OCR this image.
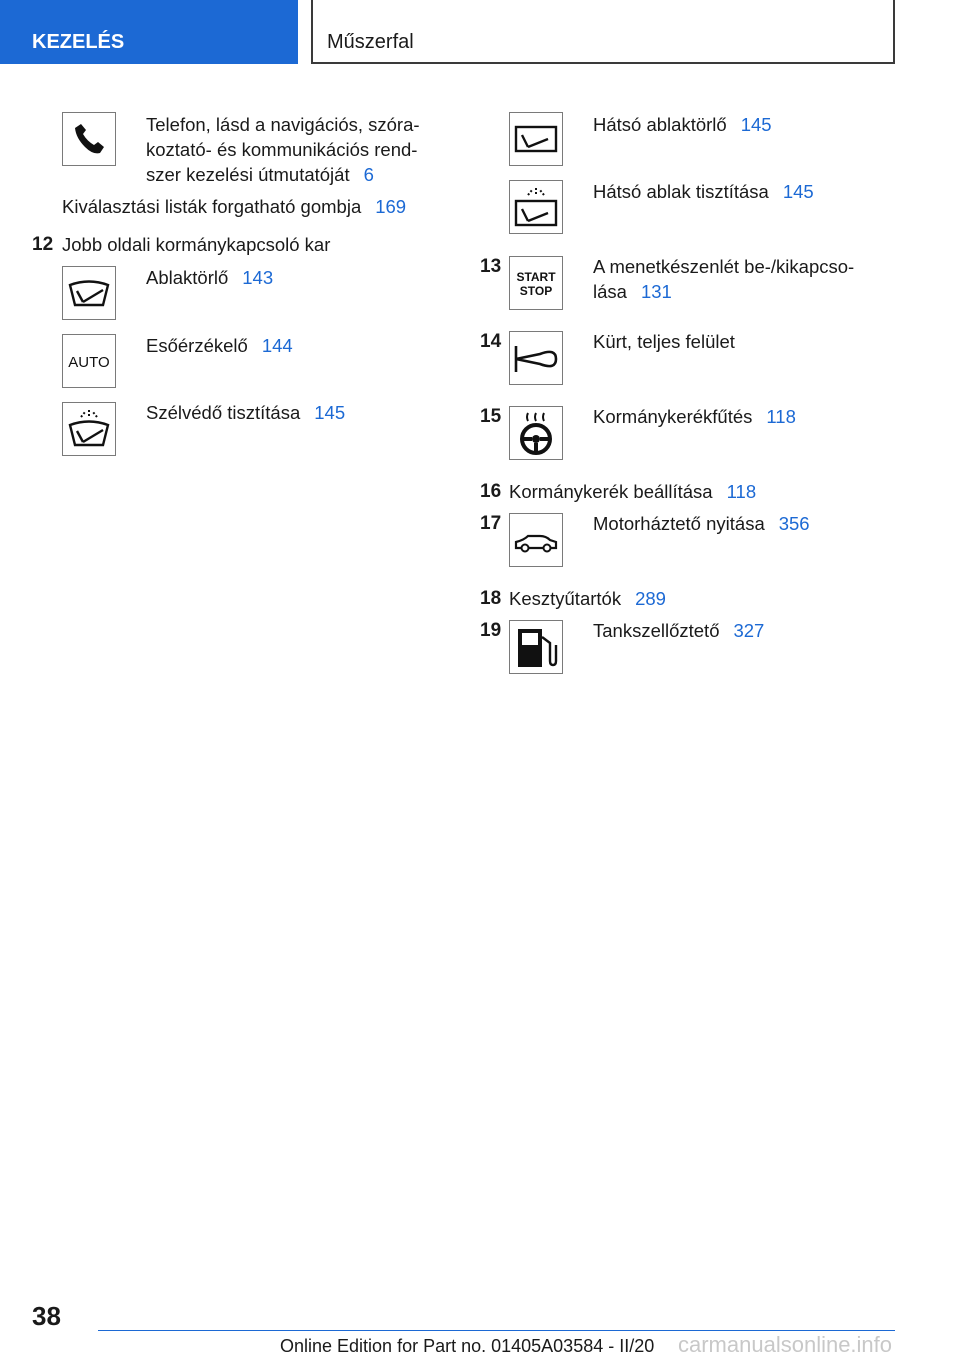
KEZELÉS	Műszerfal
Telefon, lásd a navigációs, szóra-
koztató- és kommunikációs rend-
szer kezelési útmutatóját 6
Kiválasztási listák forgatható gombja 169
12 Jobb oldali kormánykapcsoló kar
Ablaktörlő 143
AUTO
Esőérzékelő 144
Szélvédő tisztítása 145
Hátsó ablaktörlő 145
Hátsó ablak tisztítása 145
13 START
STOP
A menetkészenlét be-/kikapcso-
lása 131
14	Kürt, teljes felület
15	Kormánykerékfűtés 118
16 Kormánykerék beállítása 118
17	Motorháztető nyitása 356
18 Kesztyűtartók 289
19	Tankszellőztető 327
38
Online Edition for Part no. 01405A03584 - II/20 carmanualsonline.info
